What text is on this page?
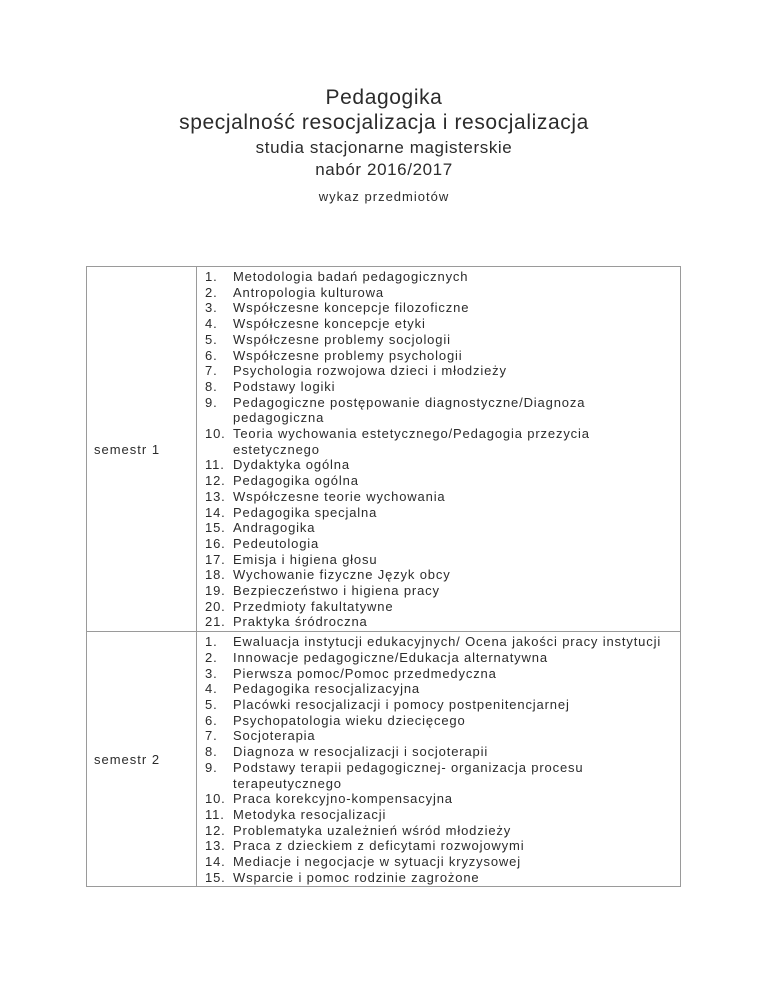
Pedagogika
specjalność resocjalizacja i resocjalizacja
studia stacjonarne magisterskie
nabór 2016/2017
wykaz przedmiotów
semestr 1
1.	Metodologia badań pedagogicznych
2.	Antropologia kulturowa
3.	Współczesne koncepcje filozoficzne
4.	Współczesne koncepcje etyki
5.	Współczesne problemy socjologii
6.	Współczesne problemy psychologii
7.	Psychologia rozwojowa dzieci i młodzieży
8.	Podstawy logiki
9.	Pedagogiczne postępowanie diagnostyczne/Diagnoza pedagogiczna
10. Teoria wychowania estetycznego/Pedagogia przezycia estetycznego
11. Dydaktyka ogólna
12. Pedagogika ogólna
13. Współczesne teorie wychowania
14. Pedagogika specjalna
15. Andragogika
16. Pedeutologia
17. Emisja i higiena głosu
18. Wychowanie fizyczne Język obcy
19. Bezpieczeństwo i higiena pracy
20. Przedmioty fakultatywne
21. Praktyka śródroczna
semestr 2
1.	Ewaluacja instytucji edukacyjnych/ Ocena jakości pracy instytucji
2.	Innowacje pedagogiczne/Edukacja alternatywna
3.	Pierwsza pomoc/Pomoc przedmedyczna
4.	Pedagogika resocjalizacyjna
5.	Placówki resocjalizacji i pomocy postpenitencjarnej
6.	Psychopatologia wieku dziecięcego
7.	Socjoterapia
8.	Diagnoza w resocjalizacji i socjoterapii
9.	Podstawy terapii pedagogicznej- organizacja procesu terapeutycznego
10. Praca korekcyjno-kompensacyjna
11. Metodyka resocjalizacji
12. Problematyka uzależnień wśród młodzieży
13. Praca z dzieckiem z deficytami rozwojowymi
14. Mediacje i negocjacje w sytuacji kryzysowej
15. Wsparcie i pomoc rodzinie zagrożone
